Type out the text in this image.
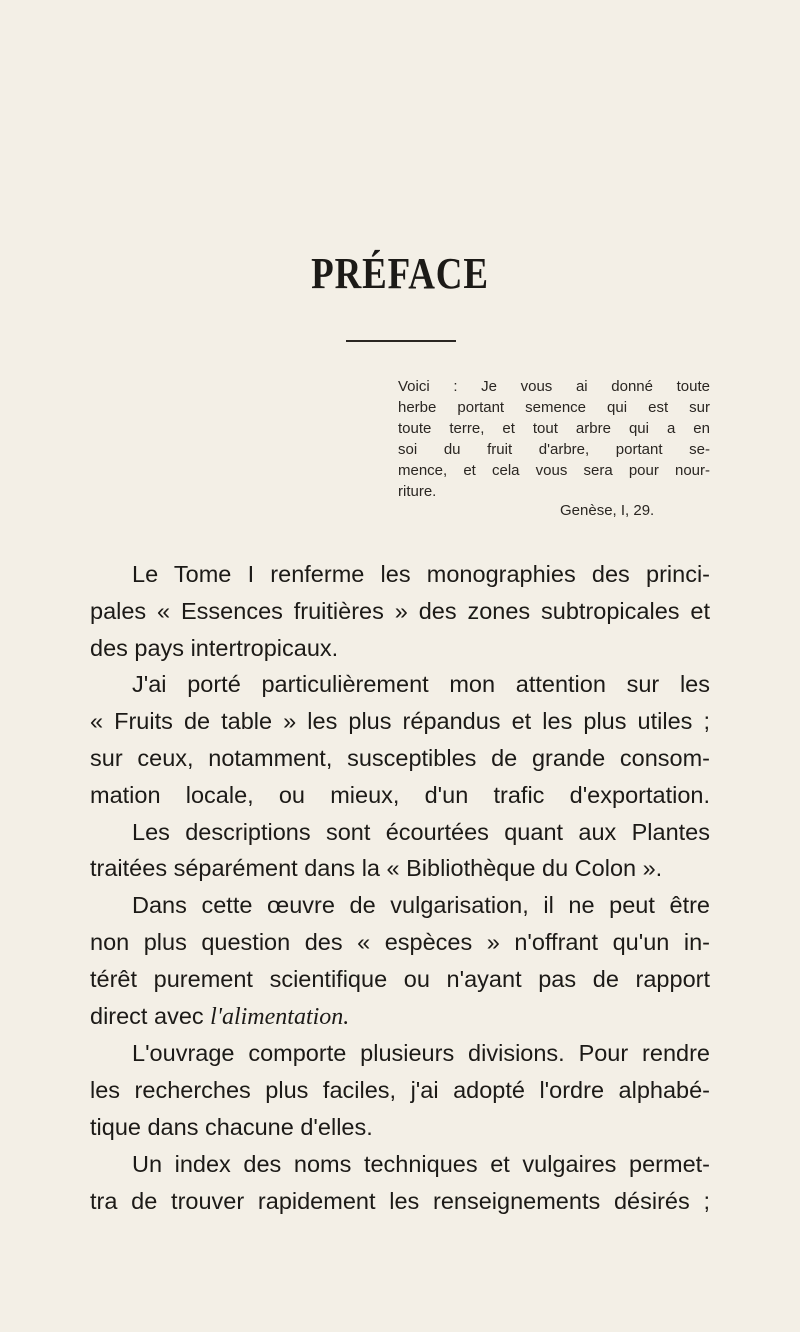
PRÉFACE
Voici : Je vous ai donné toute
herbe portant semence qui est sur
toute terre, et tout arbre qui a en
soi du fruit d'arbre, portant se-
mence, et cela vous sera pour nour-
riture.
Genèse, I, 29.
Le Tome I renferme les monographies des princi-
pales « Essences fruitières » des zones subtropicales et
des pays intertropicaux.
J'ai porté particulièrement mon attention sur les
« Fruits de table » les plus répandus et les plus utiles ;
sur ceux, notamment, susceptibles de grande consom-
mation locale, ou mieux, d'un trafic d'exportation.
Les descriptions sont écourtées quant aux Plantes
traitées séparément dans la « Bibliothèque du Colon ».
Dans cette œuvre de vulgarisation, il ne peut être
non plus question des « espèces » n'offrant qu'un in-
térêt purement scientifique ou n'ayant pas de rapport
direct avec l'alimentation.
L'ouvrage comporte plusieurs divisions. Pour rendre
les recherches plus faciles, j'ai adopté l'ordre alphabé-
tique dans chacune d'elles.
Un index des noms techniques et vulgaires permet-
tra de trouver rapidement les renseignements désirés ;
